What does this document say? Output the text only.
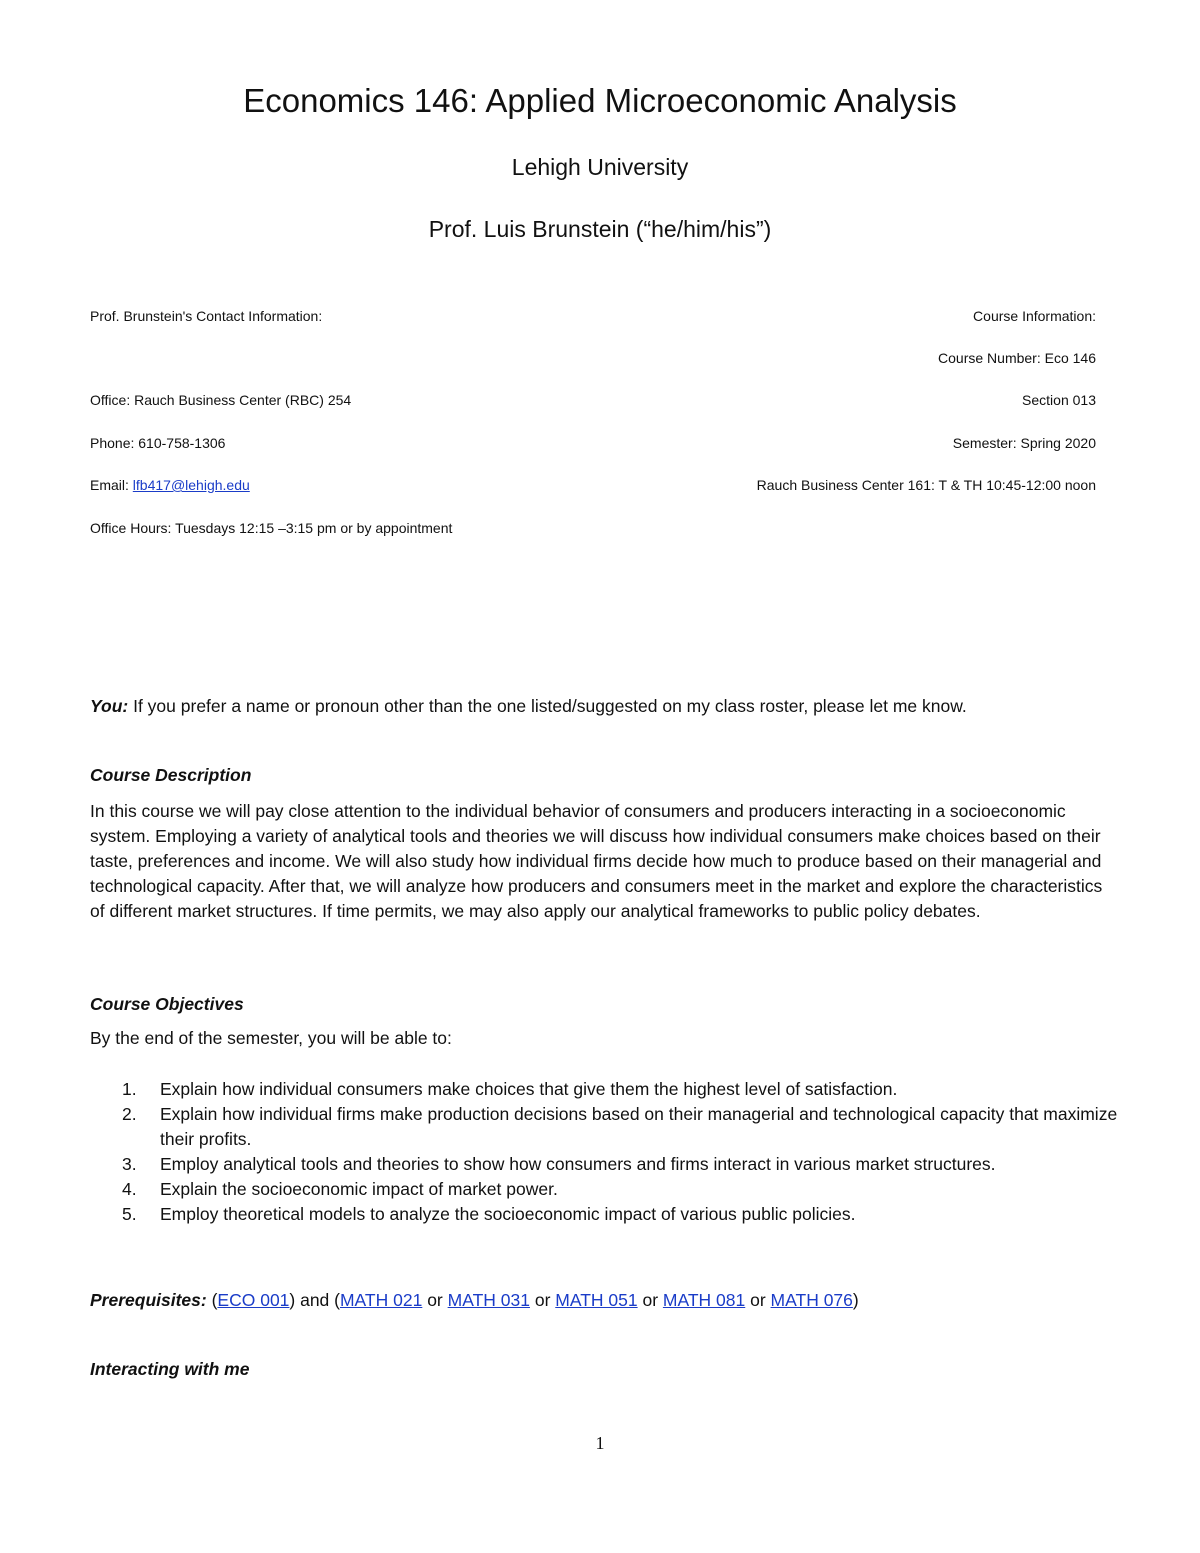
Economics 146: Applied Microeconomic Analysis

Lehigh University

Prof. Luis Brunstein (“he/him/his”)

Prof. Brunstein's Contact Information:
Office: Rauch Business Center (RBC) 254
Phone: 610-758-1306
Email: lfb417@lehigh.edu
Office Hours: Tuesdays 12:15 –3:15 pm or by appointment
Course Information:
Course Number: Eco 146
Section 013
Semester: Spring 2020
Rauch Business Center 161: T & TH 10:45-12:00 noon
You: If you prefer a name or pronoun other than the one listed/suggested on my class roster, please let me know.
Course Description
In this course we will pay close attention to the individual behavior of consumers and producers interacting in a socioeconomic system. Employing a variety of analytical tools and theories we will discuss how individual consumers make choices based on their taste, preferences and income. We will also study how individual firms decide how much to produce based on their managerial and technological capacity. After that, we will analyze how producers and consumers meet in the market and explore the characteristics of different market structures. If time permits, we may also apply our analytical frameworks to public policy debates.
Course Objectives
By the end of the semester, you will be able to:
1. Explain how individual consumers make choices that give them the highest level of satisfaction.
2. Explain how individual firms make production decisions based on their managerial and technological capacity that maximize their profits.
3. Employ analytical tools and theories to show how consumers and firms interact in various market structures.
4. Explain the socioeconomic impact of market power.
5. Employ theoretical models to analyze the socioeconomic impact of various public policies.
Prerequisites: (ECO 001) and (MATH 021 or MATH 031 or MATH 051 or MATH 081 or MATH 076)
Interacting with me
1
